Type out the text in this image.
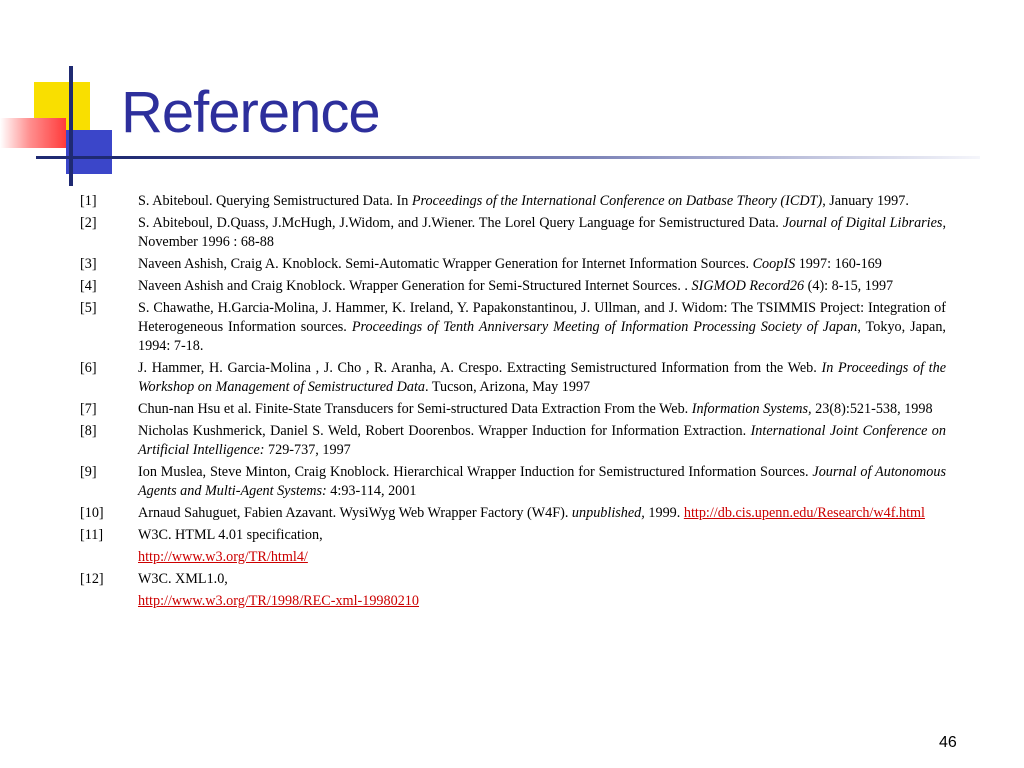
Reference
[1]	S. Abiteboul. Querying Semistructured Data. In Proceedings of the International Conference on Datbase Theory (ICDT), January 1997.

[2]	S. Abiteboul, D.Quass, J.McHugh, J.Widom, and J.Wiener. The Lorel Query Language for Semistructured Data. Journal of Digital Libraries, November 1996 : 68-88

[3]	Naveen Ashish, Craig A. Knoblock. Semi-Automatic Wrapper Generation for Internet Information Sources. CoopIS 1997: 160-169

[4]	Naveen Ashish and Craig Knoblock. Wrapper Generation for Semi-Structured Internet Sources. . SIGMOD Record26 (4): 8-15, 1997

[5]	S. Chawathe, H.Garcia-Molina, J. Hammer, K. Ireland, Y. Papakonstantinou, J. Ullman, and J. Widom: The TSIMMIS Project: Integration of Heterogeneous Information sources. Proceedings of Tenth Anniversary Meeting of Information Processing Society of Japan, Tokyo, Japan, 1994: 7-18.

[6]	J. Hammer, H. Garcia-Molina , J. Cho , R. Aranha, A. Crespo. Extracting Semistructured Information from the Web. In Proceedings of the Workshop on Management of Semistructured Data. Tucson, Arizona, May 1997

[7]	Chun-nan Hsu et al. Finite-State Transducers for Semi-structured Data Extraction From the Web. Information Systems, 23(8):521-538, 1998

[8]	Nicholas Kushmerick, Daniel S. Weld, Robert Doorenbos. Wrapper Induction for Information Extraction. International Joint Conference on Artificial Intelligence: 729-737, 1997

[9]	Ion Muslea, Steve Minton, Craig Knoblock. Hierarchical Wrapper Induction for Semistructured Information Sources. Journal of Autonomous Agents and Multi-Agent Systems: 4:93-114, 2001

[10]	Arnaud Sahuguet, Fabien Azavant. WysiWyg Web Wrapper Factory (W4F). unpublished, 1999. http://db.cis.upenn.edu/Research/w4f.html

[11]	W3C. HTML 4.01 specification,

http://www.w3.org/TR/html4/

[12]	W3C. XML1.0,

http://www.w3.org/TR/1998/REC-xml-19980210

46
